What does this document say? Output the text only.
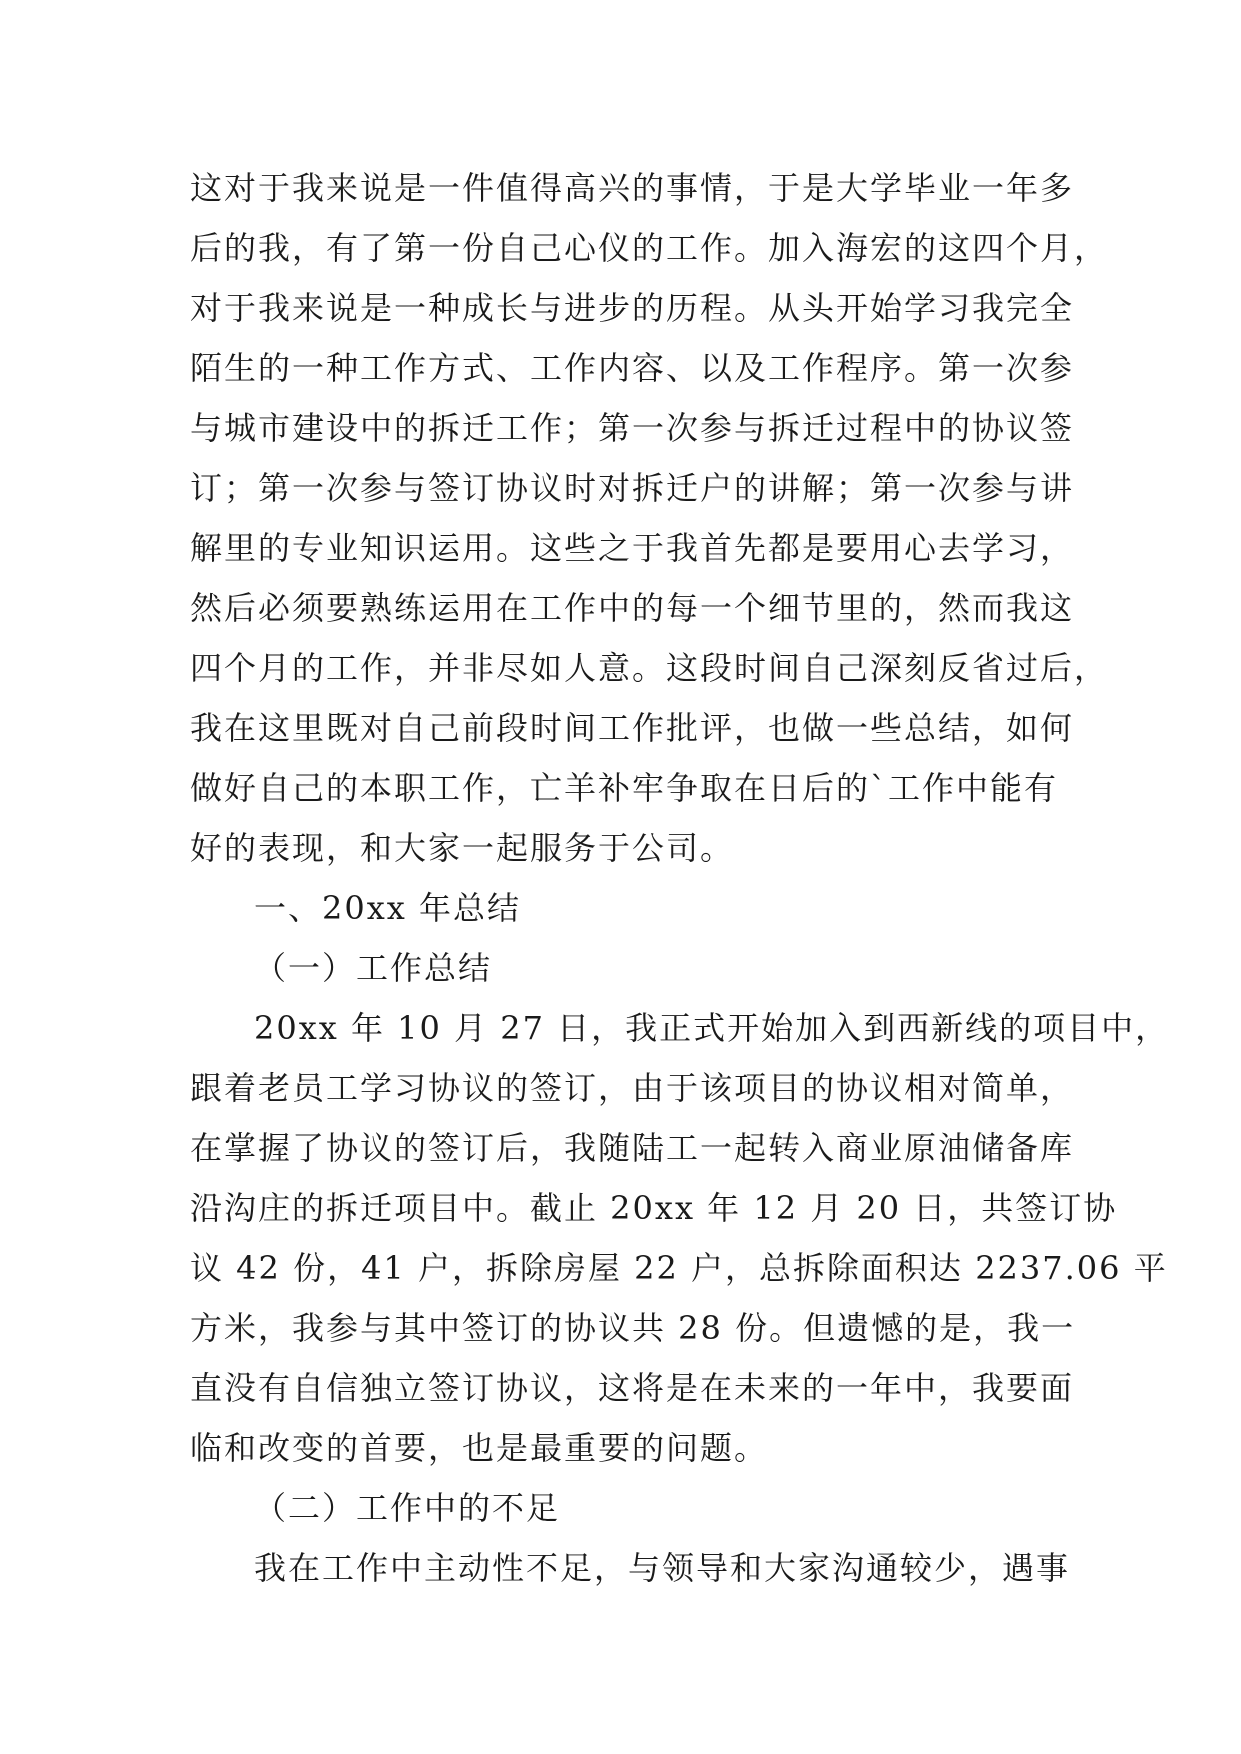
这对于我来说是一件值得高兴的事情，于是大学毕业一年多
后的我，有了第一份自己心仪的工作。加入海宏的这四个月，
对于我来说是一种成长与进步的历程。从头开始学习我完全
陌生的一种工作方式、工作内容、以及工作程序。第一次参
与城市建设中的拆迁工作；第一次参与拆迁过程中的协议签
订；第一次参与签订协议时对拆迁户的讲解；第一次参与讲
解里的专业知识运用。这些之于我首先都是要用心去学习，
然后必须要熟练运用在工作中的每一个细节里的，然而我这
四个月的工作，并非尽如人意。这段时间自己深刻反省过后，
我在这里既对自己前段时间工作批评，也做一些总结，如何
做好自己的本职工作，亡羊补牢争取在日后的`工作中能有
好的表现，和大家一起服务于公司。
一、20xx 年总结
（一）工作总结
20xx 年 10 月 27 日，我正式开始加入到西新线的项目中，
跟着老员工学习协议的签订，由于该项目的协议相对简单，
在掌握了协议的签订后，我随陆工一起转入商业原油储备库
沿沟庄的拆迁项目中。截止 20xx 年 12 月 20 日，共签订协
议 42 份，41 户，拆除房屋 22 户，总拆除面积达 2237.06 平
方米，我参与其中签订的协议共 28 份。但遗憾的是，我一
直没有自信独立签订协议，这将是在未来的一年中，我要面
临和改变的首要，也是最重要的问题。
（二）工作中的不足
我在工作中主动性不足，与领导和大家沟通较少，遇事
